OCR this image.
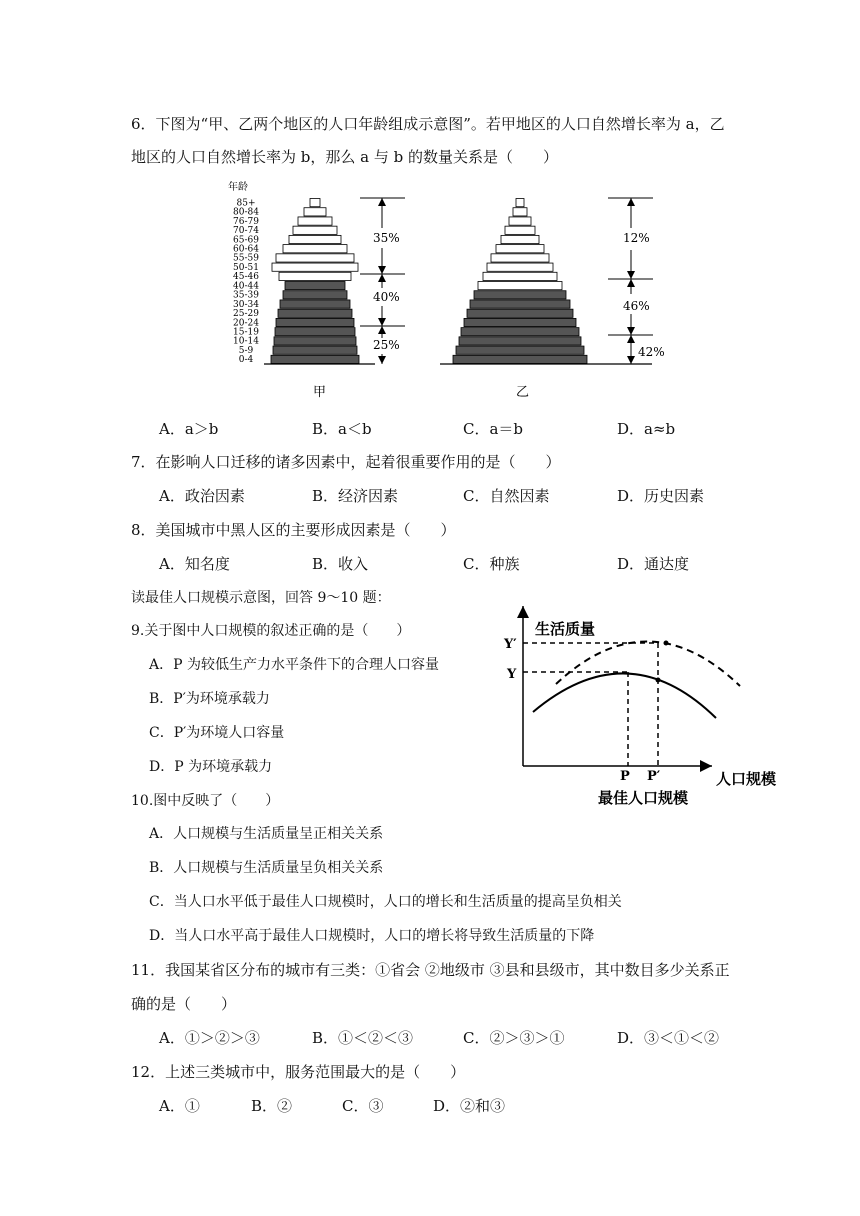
6．下图为“甲、乙两个地区的人口年龄组成示意图”。若甲地区的人口自然增长率为 a，乙
地区的人口自然增长率为 b，那么 a 与 b 的数量关系是（　　）
年龄
85+
80-84
76-79
70-74
65-69
60-64
55-59
50-51
45-46
40-44
35-39
30-34
25-29
20-24
15-19
10-14
5-9
0-4
35%
40%
25%
12%
46%
42%
甲	乙
A．a＞b	B．a＜b	C．a＝b	D．a≈b
7．在影响人口迁移的诸多因素中，起着很重要作用的是（　　）
A．政治因素	B．经济因素	C．自然因素	D．历史因素
8．美国城市中黑人区的主要形成因素是（　　）
A．知名度	B．收入	C．种族	D．通达度
读最佳人口规模示意图，回答 9～10 题：
9.关于图中人口规模的叙述正确的是（　　）
A．P 为较低生产力水平条件下的合理人口容量
B．P′为环境承载力
C．P′为环境人口容量
D．P 为环境承载力
生活质量
人口规模
Y′
Y
P P′
最佳人口规模
10.图中反映了（　　）
A．人口规模与生活质量呈正相关关系
B．人口规模与生活质量呈负相关关系
C．当人口水平低于最佳人口规模时，人口的增长和生活质量的提高呈负相关
D．当人口水平高于最佳人口规模时，人口的增长将导致生活质量的下降
11．我国某省区分布的城市有三类：①省会 ②地级市 ③县和县级市，其中数目多少关系正
确的是（　　）
A．①＞②＞③	B．①＜②＜③	C．②＞③＞①	D．③＜①＜②
12．上述三类城市中，服务范围最大的是（　　）
A．①	B．②	C．③	D．②和③
